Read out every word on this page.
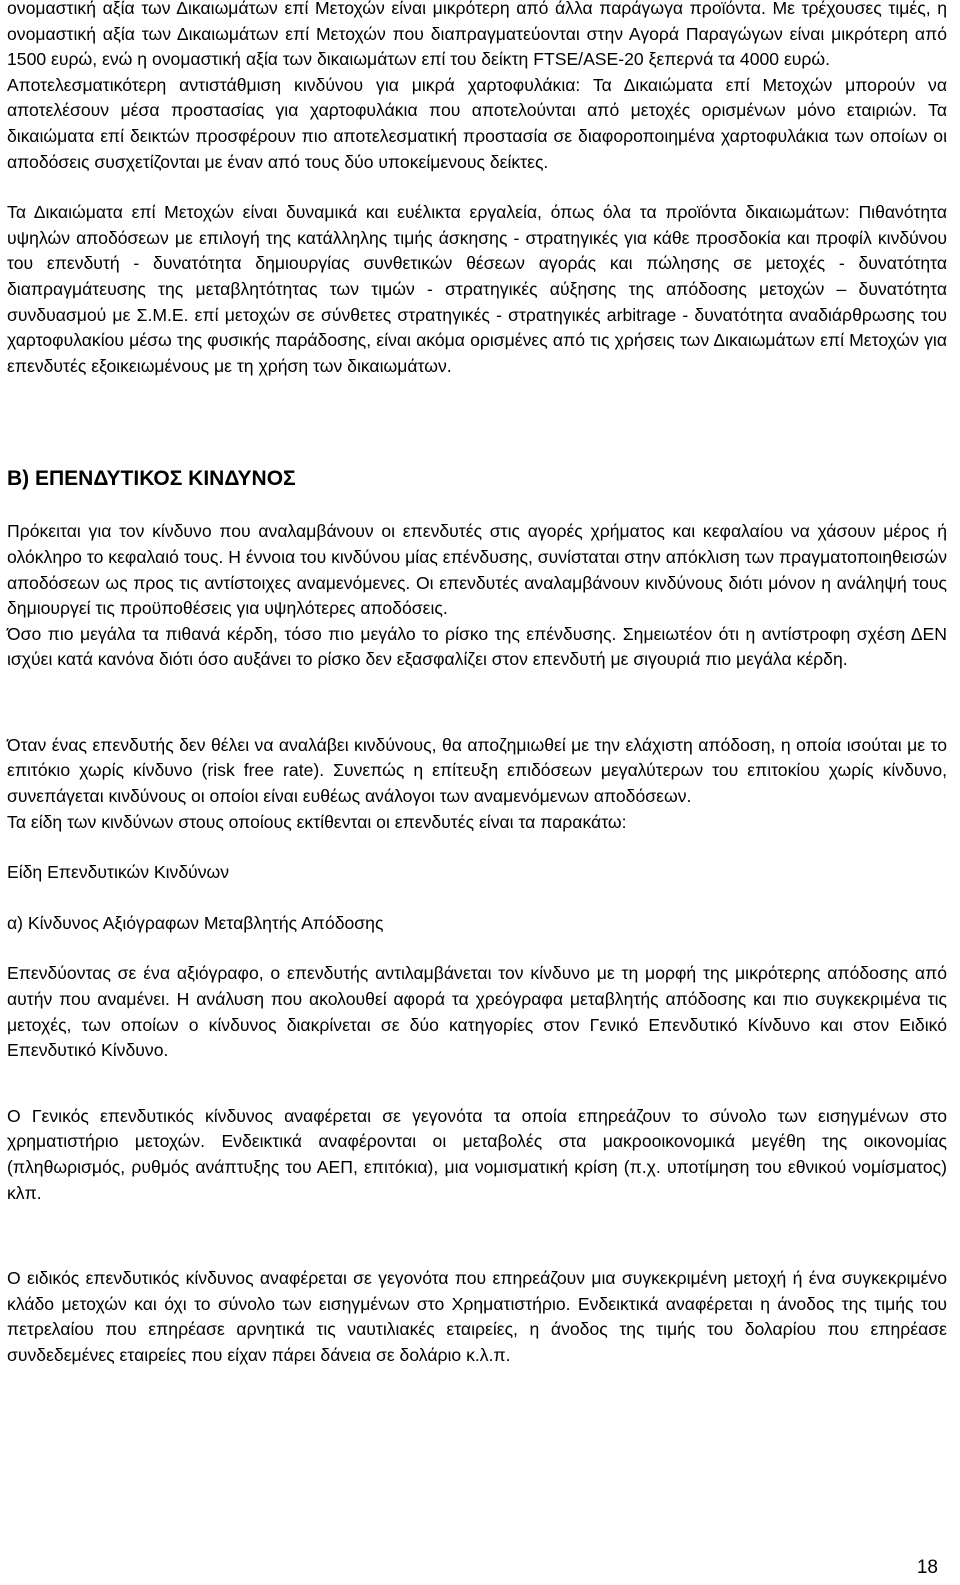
ονομαστική αξία των Δικαιωμάτων επί Μετοχών είναι μικρότερη από άλλα παράγωγα προϊόντα. Με τρέχουσες τιμές, η ονομαστική αξία των Δικαιωμάτων επί Μετοχών που διαπραγματεύονται στην Αγορά Παραγώγων είναι μικρότερη από 1500 ευρώ, ενώ η ονομαστική αξία των δικαιωμάτων επί του δείκτη FTSE/ASE-20 ξεπερνά τα 4000 ευρώ.

Αποτελεσματικότερη αντιστάθμιση κινδύνου για μικρά χαρτοφυλάκια: Τα Δικαιώματα επί Μετοχών μπορούν να αποτελέσουν μέσα προστασίας για χαρτοφυλάκια που αποτελούνται από μετοχές ορισμένων μόνο εταιριών. Τα δικαιώματα επί δεικτών προσφέρουν πιο αποτελεσματική προστασία σε διαφοροποιημένα χαρτοφυλάκια των οποίων οι αποδόσεις συσχετίζονται με έναν από τους δύο υποκείμενους δείκτες.

Τα Δικαιώματα επί Μετοχών είναι δυναμικά και ευέλικτα εργαλεία, όπως όλα τα προϊόντα δικαιωμάτων: Πιθανότητα υψηλών αποδόσεων με επιλογή της κατάλληλης τιμής άσκησης - στρατηγικές για κάθε προσδοκία και προφίλ κινδύνου του επενδυτή - δυνατότητα δημιουργίας συνθετικών θέσεων αγοράς και πώλησης σε μετοχές - δυνατότητα διαπραγμάτευσης της μεταβλητότητας των τιμών - στρατηγικές αύξησης της απόδοσης μετοχών – δυνατότητα συνδυασμού με Σ.Μ.Ε. επί μετοχών σε σύνθετες στρατηγικές - στρατηγικές arbitrage - δυνατότητα αναδιάρθρωσης του χαρτοφυλακίου μέσω της φυσικής παράδοσης, είναι ακόμα ορισμένες από τις χρήσεις των Δικαιωμάτων επί Μετοχών για επενδυτές εξοικειωμένους με τη χρήση των δικαιωμάτων.

Β) ΕΠΕΝΔΥΤΙΚΟΣ ΚΙΝΔΥΝΟΣ

Πρόκειται για τον κίνδυνο που αναλαμβάνουν οι επενδυτές στις αγορές χρήματος και κεφαλαίου να χάσουν μέρος ή ολόκληρο το κεφαλαιό τους. Η έννοια του κινδύνου μίας επένδυσης, συνίσταται στην απόκλιση των πραγματοποιηθεισών αποδόσεων ως προς τις αντίστοιχες αναμενόμενες. Οι επενδυτές αναλαμβάνουν κινδύνους διότι μόνον η ανάληψή τους δημιουργεί τις προϋποθέσεις για υψηλότερες αποδόσεις.

Όσο πιο μεγάλα τα πιθανά κέρδη, τόσο πιο μεγάλο το ρίσκο της επένδυσης. Σημειωτέον ότι η αντίστροφη σχέση ΔΕΝ ισχύει κατά κανόνα διότι όσο αυξάνει το ρίσκο δεν εξασφαλίζει στον επενδυτή με σιγουριά πιο μεγάλα κέρδη.

Όταν ένας επενδυτής δεν θέλει να αναλάβει κινδύνους, θα αποζημιωθεί με την ελάχιστη απόδοση, η οποία ισούται με το επιτόκιο χωρίς κίνδυνο (risk free rate). Συνεπώς η επίτευξη επιδόσεων μεγαλύτερων του επιτοκίου χωρίς κίνδυνο, συνεπάγεται κινδύνους οι οποίοι είναι ευθέως ανάλογοι των αναμενόμενων αποδόσεων.

Τα είδη των κινδύνων στους οποίους εκτίθενται οι επενδυτές είναι τα παρακάτω:

Είδη Επενδυτικών Κινδύνων

α) Κίνδυνος Αξιόγραφων Μεταβλητής Απόδοσης

Επενδύοντας σε ένα αξιόγραφο, ο επενδυτής αντιλαμβάνεται τον κίνδυνο με τη μορφή της μικρότερης απόδοσης από αυτήν που αναμένει. Η ανάλυση που ακολουθεί αφορά τα χρεόγραφα μεταβλητής απόδοσης και πιο συγκεκριμένα τις μετοχές, των οποίων ο κίνδυνος διακρίνεται σε δύο κατηγορίες στον Γενικό Επενδυτικό Κίνδυνο και στον Ειδικό Επενδυτικό Κίνδυνο.

Ο Γενικός επενδυτικός κίνδυνος αναφέρεται σε γεγονότα τα οποία επηρεάζουν το σύνολο των εισηγμένων στο χρηματιστήριο μετοχών. Ενδεικτικά αναφέρονται οι μεταβολές στα μακροοικονομικά μεγέθη της οικονομίας (πληθωρισμός, ρυθμός ανάπτυξης του ΑΕΠ, επιτόκια), μια νομισματική κρίση (π.χ. υποτίμηση του εθνικού νομίσματος) κλπ.

Ο ειδικός επενδυτικός κίνδυνος αναφέρεται σε γεγονότα που επηρεάζουν μια συγκεκριμένη μετοχή ή ένα συγκεκριμένο κλάδο μετοχών και όχι το σύνολο των εισηγμένων στο Χρηματιστήριο. Ενδεικτικά αναφέρεται η άνοδος της τιμής του πετρελαίου που επηρέασε αρνητικά τις ναυτιλιακές εταιρείες, η άνοδος της τιμής του δολαρίου που επηρέασε συνδεδεμένες εταιρείες που είχαν πάρει δάνεια σε δολάριο κ.λ.π.

18
